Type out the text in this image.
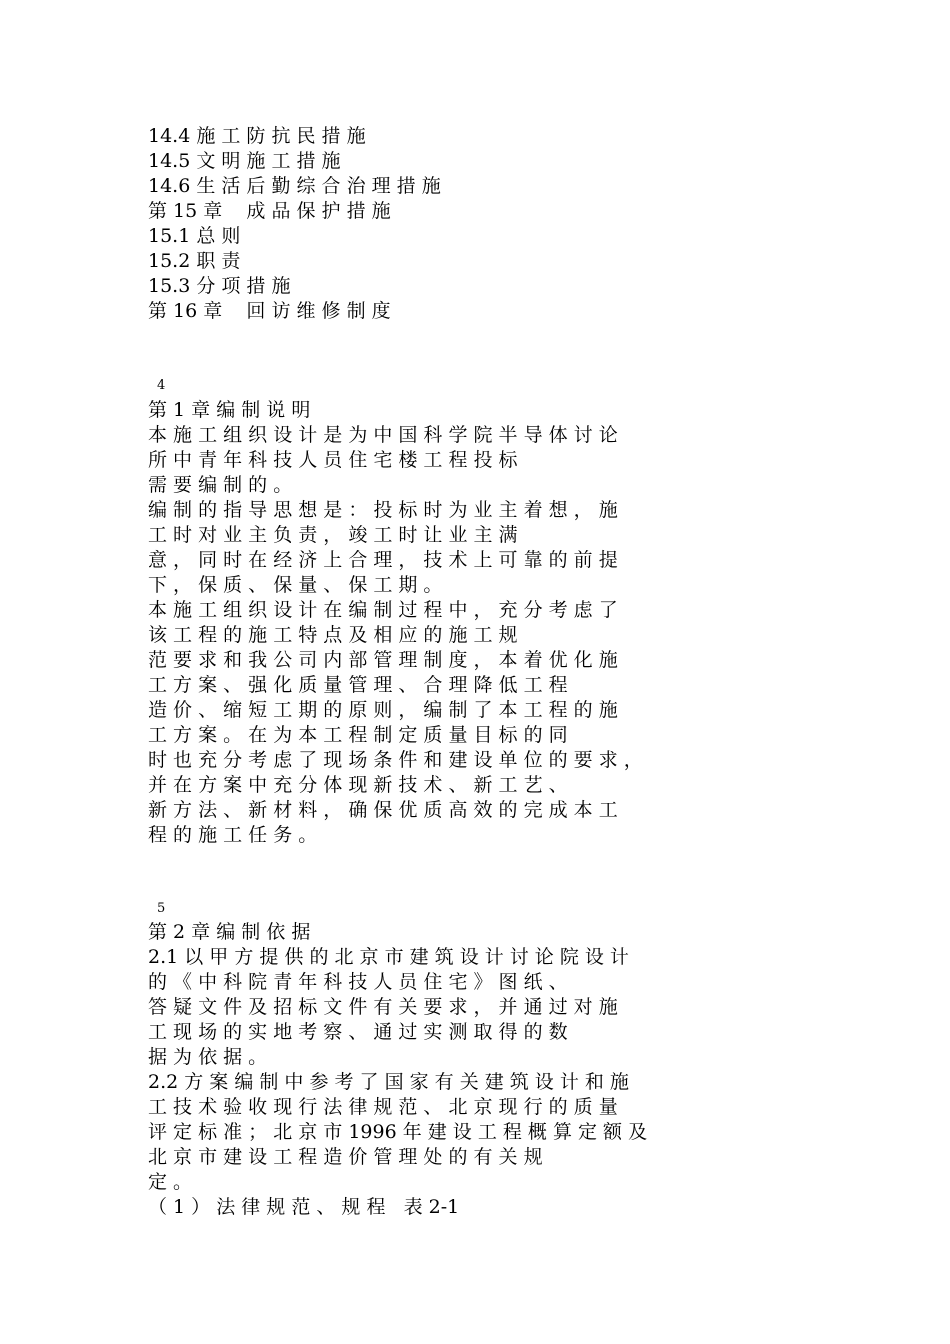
14.4 施 工 防 抗 民 措 施
14.5 文 明 施 工 措 施
14.6 生 活 后 勤 综 合 治 理 措 施
第 15 章    成 品 保 护 措 施
15.1 总 则
15.2 职 责
15.3 分 项 措 施
第 16 章    回 访 维 修 制 度
4
第 1 章 编 制 说 明
本 施 工 组 织 设 计 是 为 中 国 科 学 院 半 导 体 讨 论
所 中 青 年 科 技 人 员 住 宅 楼 工 程 投 标
需 要 编 制 的 。
编 制 的 指 导 思 想 是 ： 投 标 时 为 业 主 着 想 ， 施
工 时 对 业 主 负 责 ， 竣 工 时 让 业 主 满
意 ， 同 时 在 经 济 上 合 理 ， 技 术 上 可 靠 的 前 提
下 ， 保 质 、 保 量 、 保 工 期 。
本 施 工 组 织 设 计 在 编 制 过 程 中 ， 充 分 考 虑 了
该 工 程 的 施 工 特 点 及 相 应 的 施 工 规
范 要 求 和 我 公 司 内 部 管 理 制 度 ， 本 着 优 化 施
工 方 案 、 强 化 质 量 管 理 、 合 理 降 低 工 程
造 价 、 缩 短 工 期 的 原 则 ， 编 制 了 本 工 程 的 施
工 方 案 。 在 为 本 工 程 制 定 质 量 目 标 的 同
时 也 充 分 考 虑 了 现 场 条 件 和 建 设 单 位 的 要 求 ，
并 在 方 案 中 充 分 体 现 新 技 术 、 新 工 艺 、
新 方 法 、 新 材 料 ， 确 保 优 质 高 效 的 完 成 本 工
程 的 施 工 任 务 。
5
第 2 章 编 制 依 据
2.1 以 甲 方 提 供 的 北 京 市 建 筑 设 计 讨 论 院 设 计
的 《 中 科 院 青 年 科 技 人 员 住 宅 》 图 纸 、
答 疑 文 件 及 招 标 文 件 有 关 要 求 ， 并 通 过 对 施
工 现 场 的 实 地 考 察 、 通 过 实 测 取 得 的 数
据 为 依 据 。
2.2 方 案 编 制 中 参 考 了 国 家 有 关 建 筑 设 计 和 施
工 技 术 验 收 现 行 法 律 规 范 、 北 京 现 行 的 质 量
评 定 标 准 ； 北 京 市 1996 年 建 设 工 程 概 算 定 额 及
北 京 市 建 设 工 程 造 价 管 理 处 的 有 关 规
定 。
（ 1 ） 法 律 规 范 、 规 程   表 2-1
